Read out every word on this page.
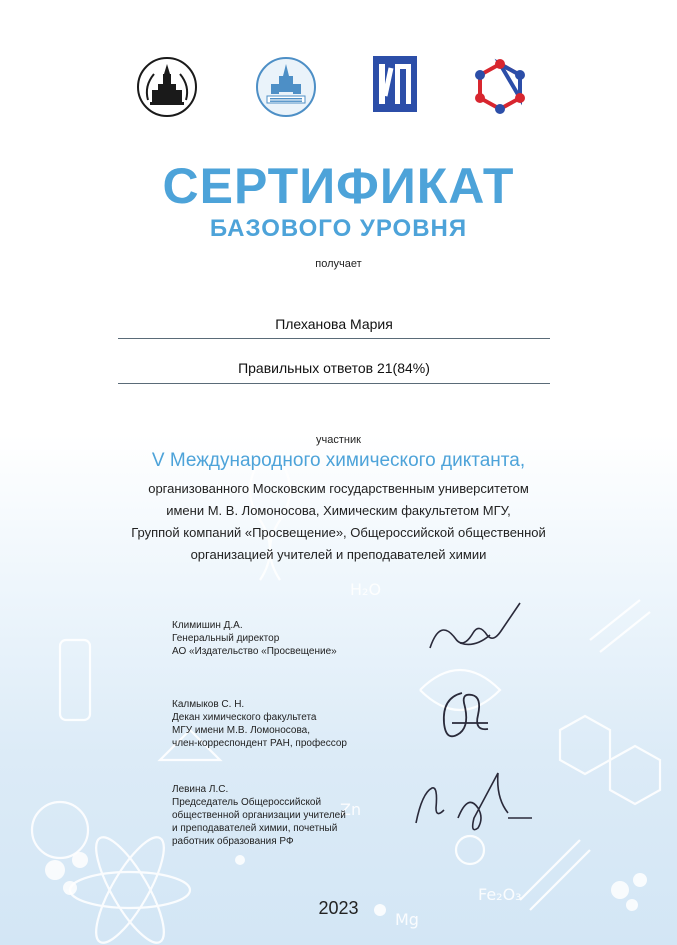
H₂O
Fe₂O₃
Mg
Zn
СЕРТИФИКАТ
БАЗОВОГО УРОВНЯ
получает
Плеханова Мария
Правильных ответов 21(84%)
участник
V Международного химического диктанта,
организованного Московским государственным университетом
имени М. В. Ломоносова, Химическим факультетом МГУ,
Группой компаний «Просвещение», Общероссийской общественной
организацией учителей и преподавателей химии
Климишин Д.А.
Генеральный директор
АО «Издательство «Просвещение»
Калмыков С. Н.
Декан химического факультета
МГУ имени М.В. Ломоносова,
член-корреспондент РАН, профессор
Левина Л.С.
Председатель Общероссийской
общественной организации учителей
и преподавателей химии, почетный
работник образования РФ
2023
